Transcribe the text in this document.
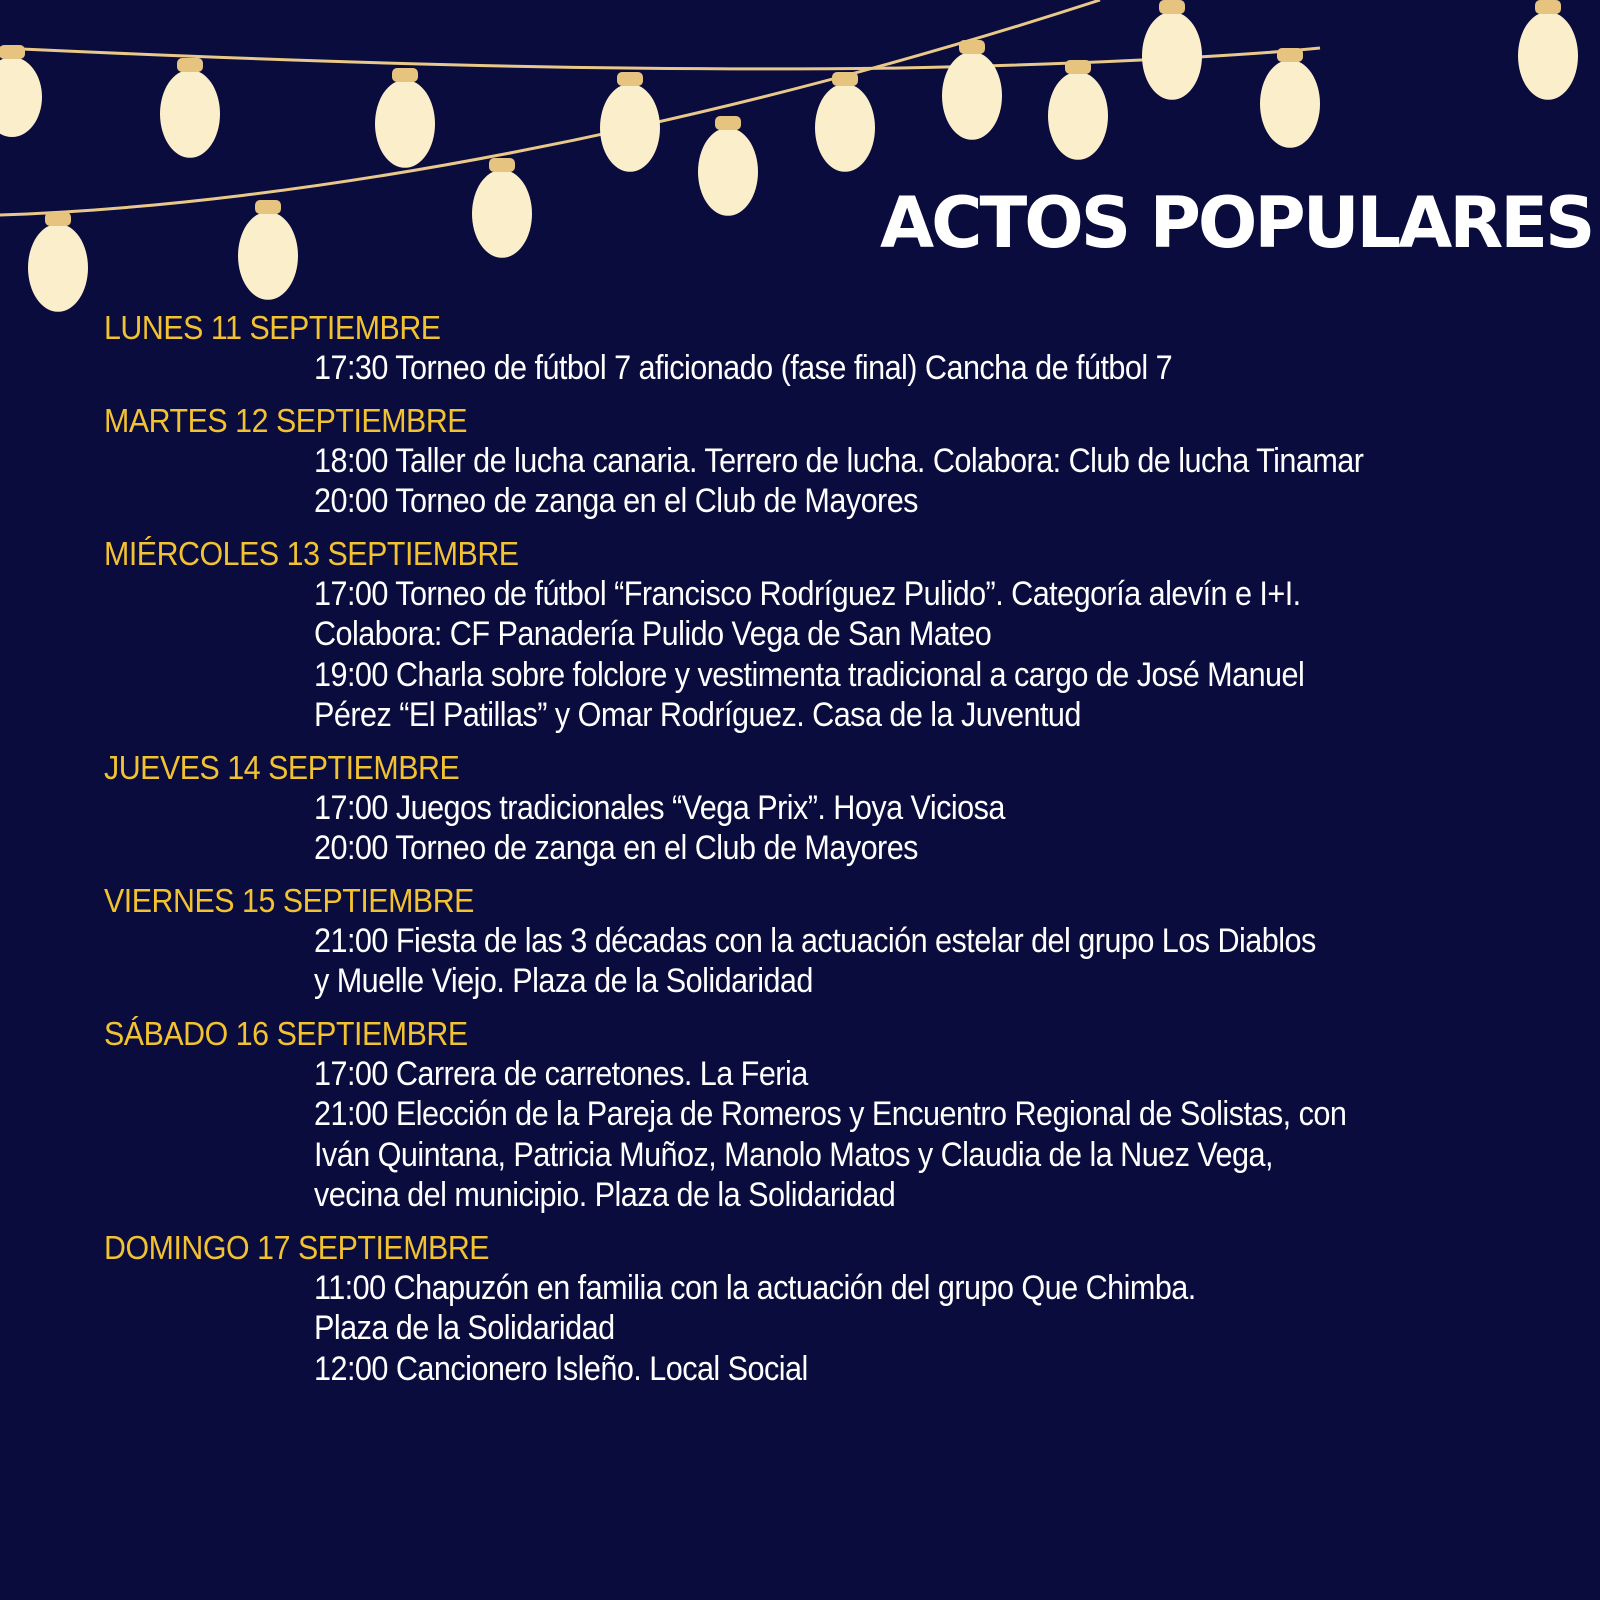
ACTOS POPULARES
LUNES 11 SEPTIEMBRE
17:30 Torneo de fútbol 7 aficionado (fase final) Cancha de fútbol 7
MARTES 12 SEPTIEMBRE
18:00 Taller de lucha canaria. Terrero de lucha. Colabora: Club de lucha Tinamar
20:00 Torneo de zanga en el Club de Mayores
MIÉRCOLES 13 SEPTIEMBRE
17:00 Torneo de fútbol “Francisco Rodríguez Pulido”. Categoría alevín e I+I.
Colabora: CF Panadería Pulido Vega de San Mateo
19:00 Charla sobre folclore y vestimenta tradicional a cargo de José Manuel
Pérez “El Patillas” y Omar Rodríguez. Casa de la Juventud
JUEVES 14 SEPTIEMBRE
17:00 Juegos tradicionales “Vega Prix”. Hoya Viciosa
20:00 Torneo de zanga en el Club de Mayores
VIERNES 15 SEPTIEMBRE
21:00 Fiesta de las 3 décadas con la actuación estelar del grupo Los Diablos
y Muelle Viejo. Plaza de la Solidaridad
SÁBADO 16 SEPTIEMBRE
17:00 Carrera de carretones. La Feria
21:00 Elección de la Pareja de Romeros y Encuentro Regional de Solistas, con
Iván Quintana, Patricia Muñoz, Manolo Matos y Claudia de la Nuez Vega,
vecina del municipio. Plaza de la Solidaridad
DOMINGO 17 SEPTIEMBRE
11:00 Chapuzón en familia con la actuación del grupo Que Chimba.
Plaza de la Solidaridad
12:00 Cancionero Isleño. Local Social
